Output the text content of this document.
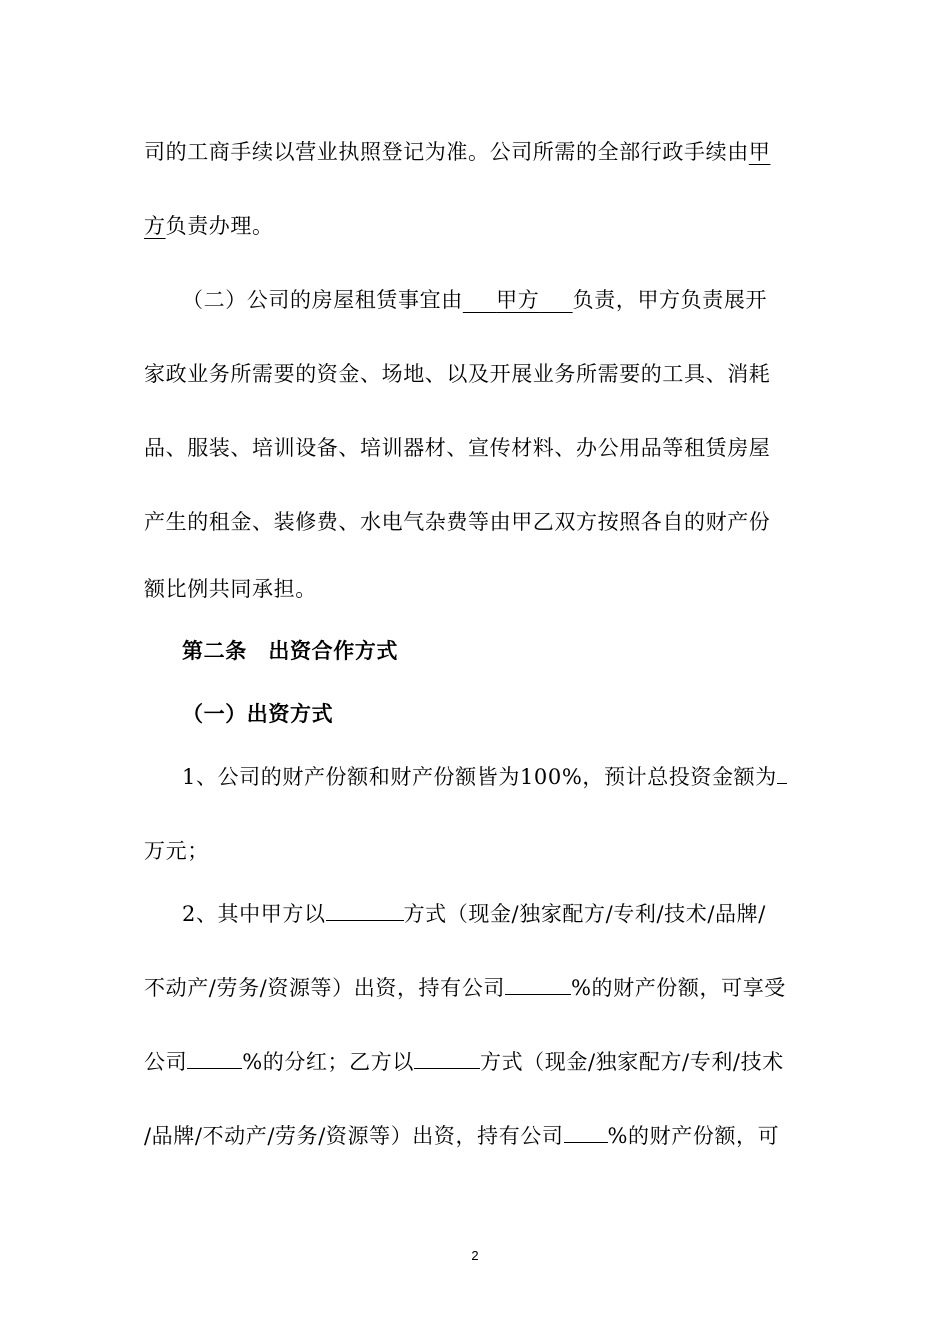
司的工商手续以营业执照登记为准。公司所需的全部行政手续由甲
方负责办理。
（二）公司的房屋租赁事宜由    甲方    负责，甲方负责展开
家政业务所需要的资金、场地、以及开展业务所需要的工具、消耗
品、服装、培训设备、培训器材、宣传材料、办公用品等租赁房屋
产生的租金、装修费、水电气杂费等由甲乙双方按照各自的财产份
额比例共同承担。
第二条　出资合作方式
（一）出资方式
1、公司的财产份额和财产份额皆为100%，预计总投资金额为
万元；
2、其中甲方以	方式（现金/独家配方/专利/技术/品牌/
不动产/劳务/资源等）出资，持有公司	%的财产份额，可享受
公司	%的分红；乙方以	方式（现金/独家配方/专利/技术
/品牌/不动产/劳务/资源等）出资，持有公司 %的财产份额，可
2
